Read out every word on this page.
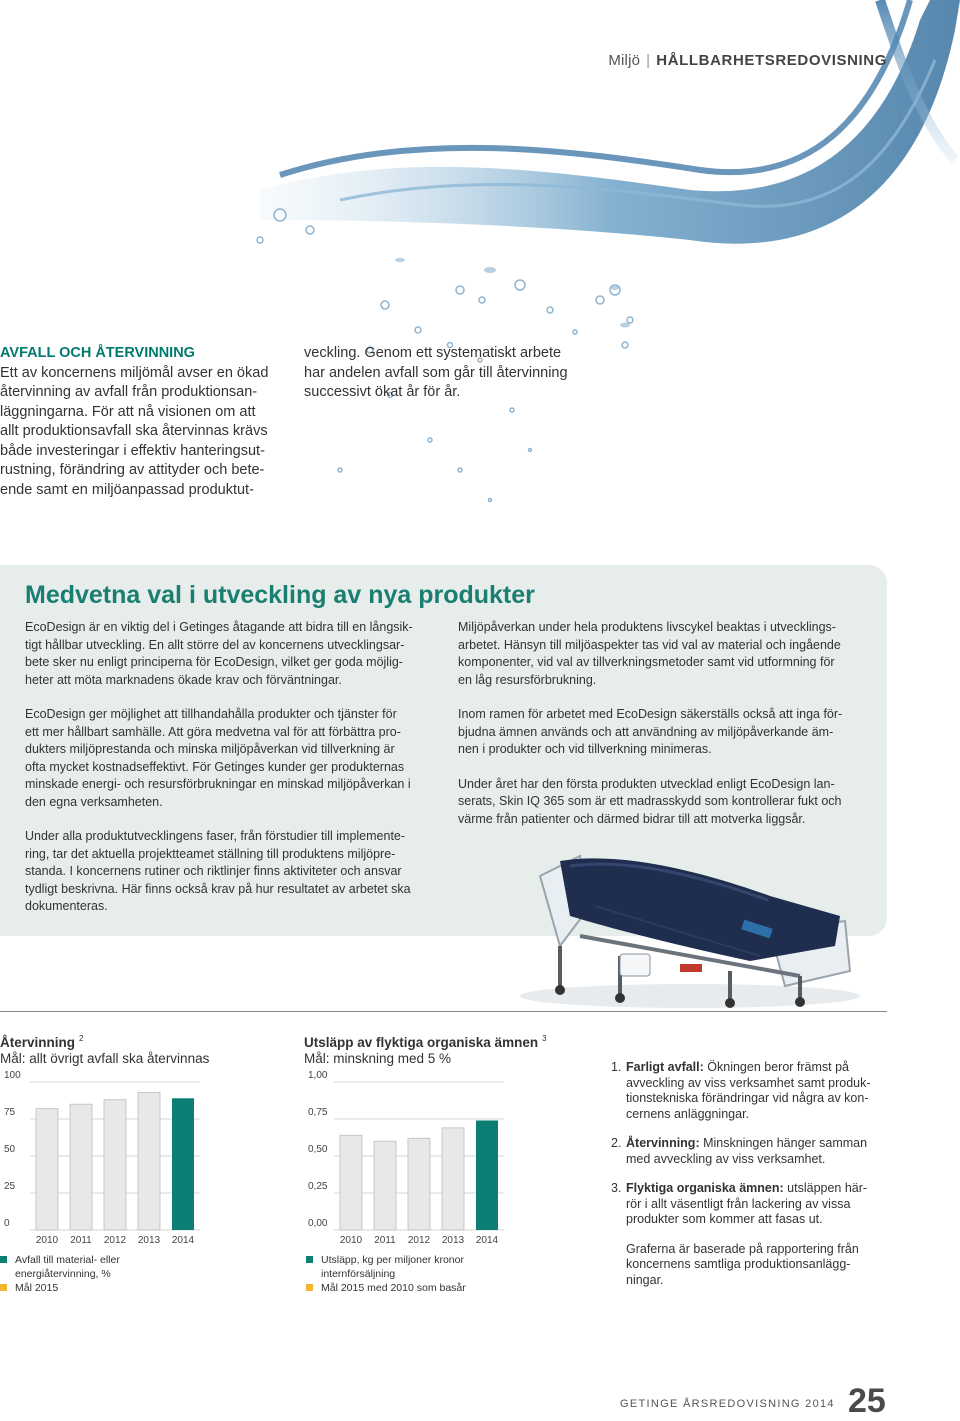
Miljö | HÅLLBARHETSREDOVISNING
AVFALL OCH ÅTERVINNING

Ett av koncernens miljömål avser en ökad

återvinning av avfall från produktionsan-

läggningarna. För att nå visionen om att

allt produktionsavfall ska återvinnas krävs

både investeringar i effektiv hanteringsut-

rustning, förändring av attityder och bete-

ende samt en miljöanpassad produktut-

veckling. Genom ett systematiskt arbete

har andelen avfall som går till återvinning

successivt ökat år för år.

Medvetna val i utveckling av nya produkter

EcoDesign är en viktig del i Getinges åtagande att bidra till en långsik-
tigt hållbar utveckling. En allt större del av koncernens utvecklingsar-
bete sker nu enligt principerna för EcoDesign, vilket ger goda möjlig-
heter att möta marknadens ökade krav och förväntningar.

EcoDesign ger möjlighet att tillhandahålla produkter och tjänster för
ett mer hållbart samhälle. Att göra medvetna val för att förbättra pro-
dukters miljöprestanda och minska miljöpåverkan vid tillverkning är
ofta mycket kostnadseffektivt. För Getinges kunder ger produkternas
minskade energi- och resursförbrukningar en minskad miljöpåverkan i
den egna verksamheten.

Under alla produktutvecklingens faser, från förstudier till implemente-
ring, tar det aktuella projektteamet ställning till produktens miljöpre-
standa. I koncernens rutiner och riktlinjer finns aktiviteter och ansvar
tydligt beskrivna. Här finns också krav på hur resultatet av arbetet ska
dokumenteras.

Miljöpåverkan under hela produktens livscykel beaktas i utvecklings-
arbetet. Hänsyn till miljöaspekter tas vid val av material och ingående
komponenter, vid val av tillverkningsmetoder samt vid utformning för
en låg resursförbrukning.

Inom ramen för arbetet med EcoDesign säkerställs också att inga för-
bjudna ämnen används och att användning av miljöpåverkande äm-
nen i produkter och vid tillverkning minimeras.

Under året har den första produkten utvecklad enligt EcoDesign lan-
serats, Skin IQ 365 som är ett madrasskydd som kontrollerar fukt och
värme från patienter och därmed bidrar till att motverka liggsår.

Återvinning $^2$
Mål: allt övrigt avfall ska återvinnas
0
25
50
75
100
2010 2011 2012 2013 2014
Avfall till material- eller
energiåtervinning, %
Mål 2015
Utsläpp av flyktiga organiska ämnen $^3$
Mål: minskning med 5 %
0,00
0,25
0,50
0,75
1,00
2010 2011 2012 2013 2014
Utsläpp, kg per miljoner kronor
internförsäljning
Mål 2015 med 2010 som basår
1. Farligt avfall: Ökningen beror främst på
avveckling av viss verksamhet samt produk-
tionstekniska förändringar vid några av kon-
cernens anläggningar.
2. Återvinning: Minskningen hänger samman
med avveckling av viss verksamhet.
3. Flyktiga organiska ämnen: utsläppen här-
rör i allt väsentligt från lackering av vissa
produkter som kommer att fasas ut.
Graferna är baserade på rapportering från
koncernens samtliga produktionsanlägg-
ningar.
GETINGE ÅRSREDOVISNING 2014 25
